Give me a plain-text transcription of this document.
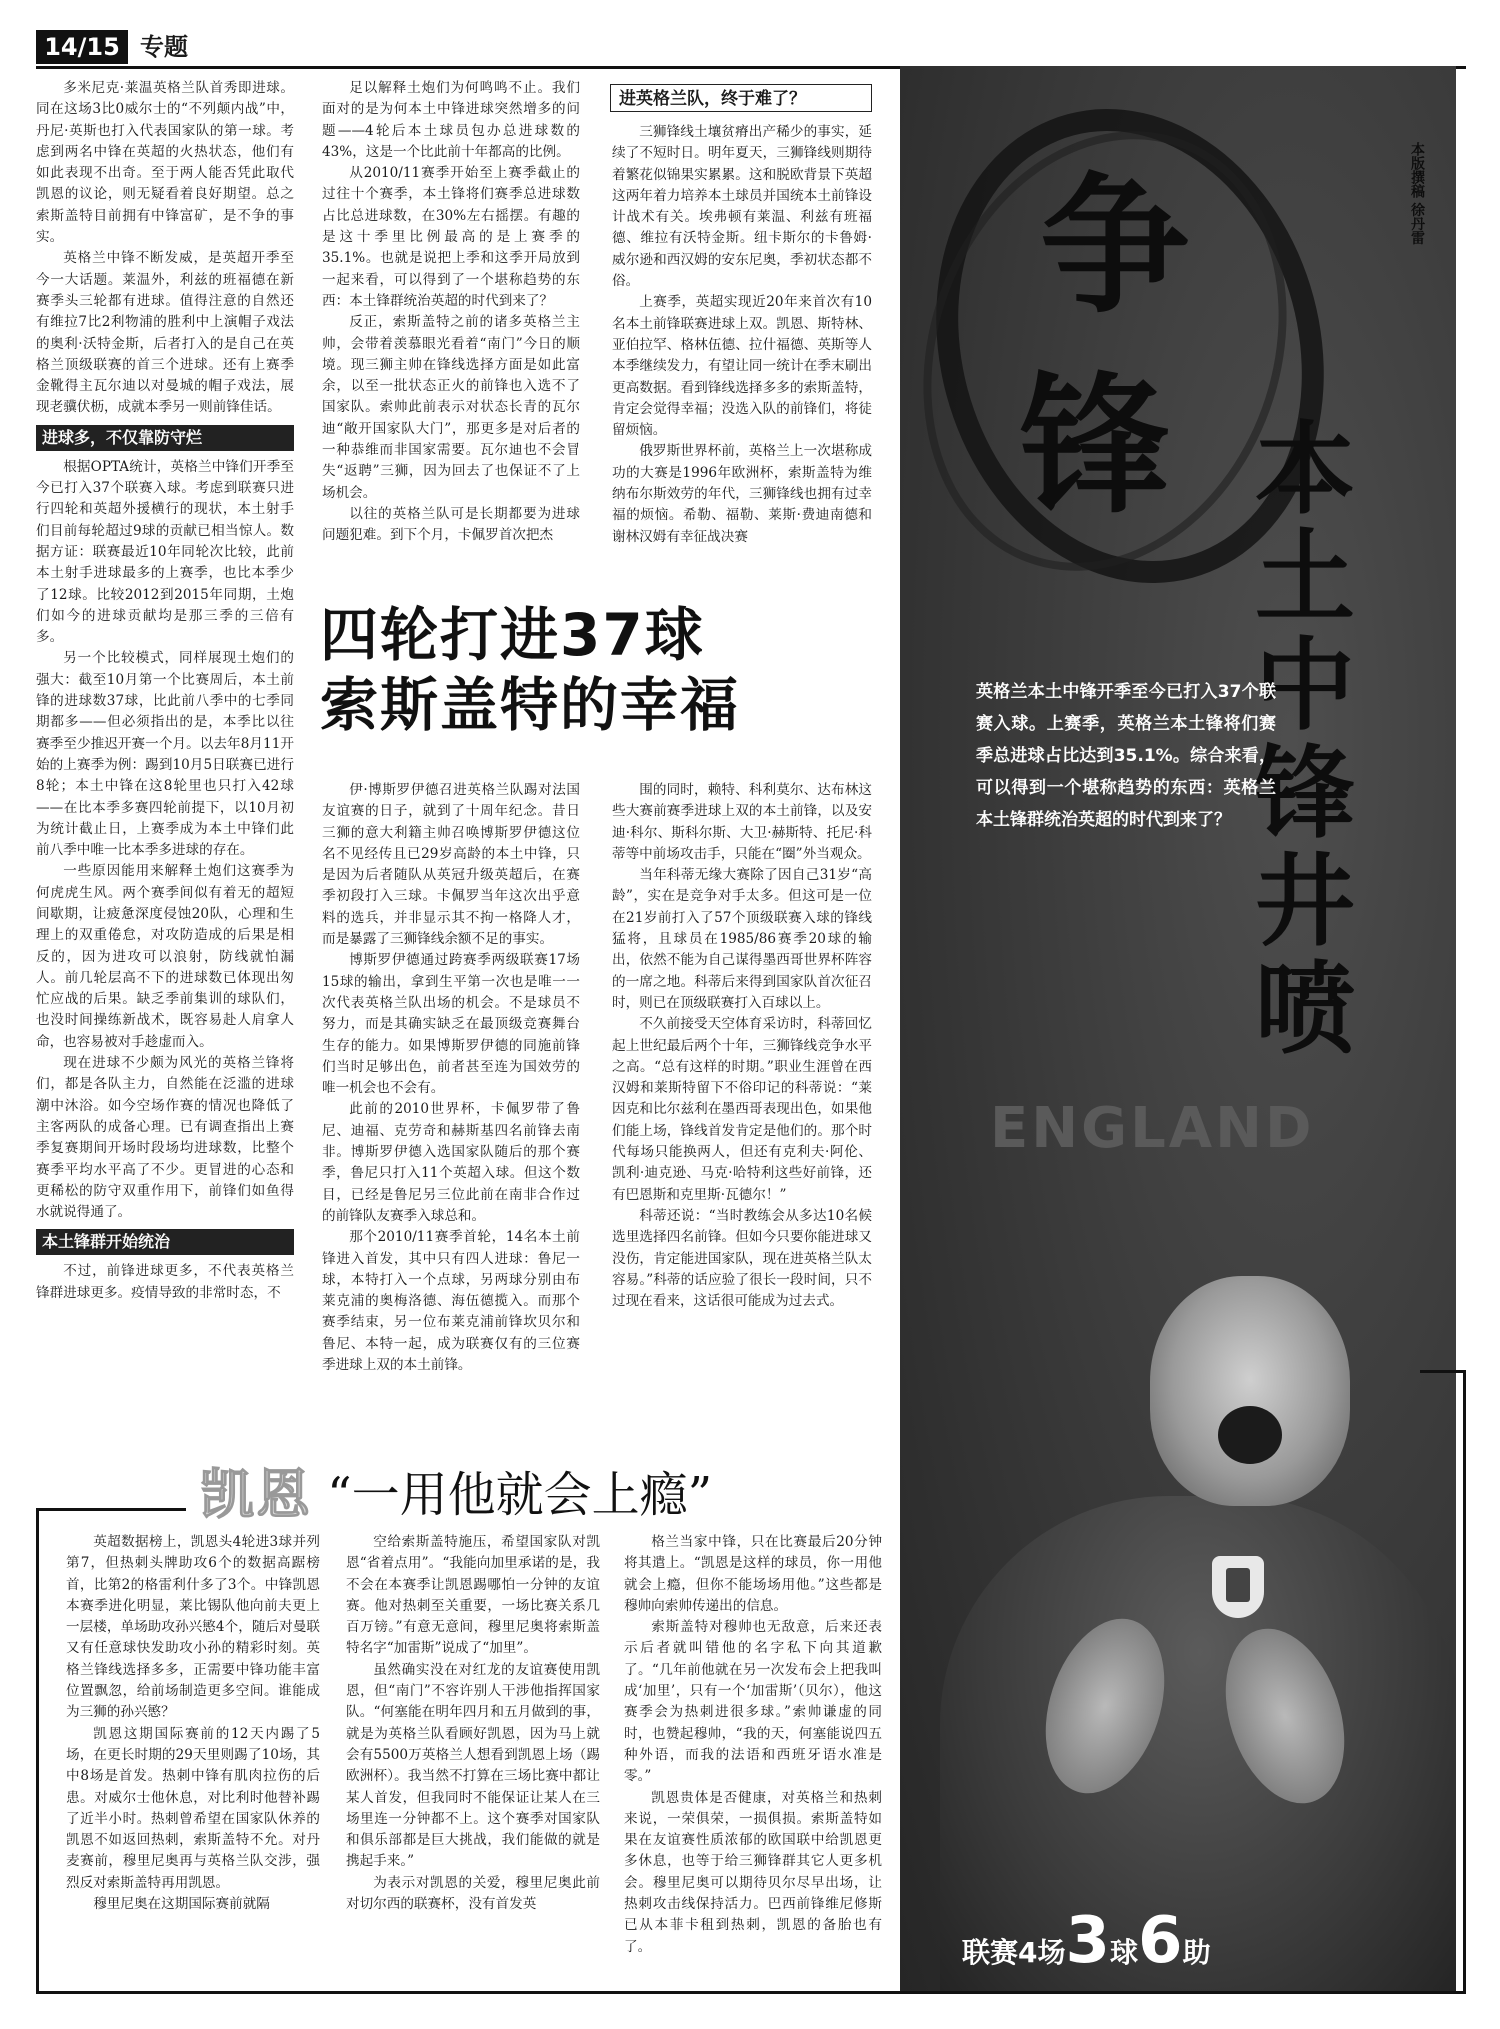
14/15 专题

多米尼克·莱温英格兰队首秀即进球。同在这场3比0威尔士的“不列颠内战”中，丹尼·英斯也打入代表国家队的第一球。考虑到两名中锋在英超的火热状态，他们有如此表现不出奇。至于两人能否凭此取代凯恩的议论，则无疑看着良好期望。总之索斯盖特目前拥有中锋富矿，是不争的事实。

英格兰中锋不断发威，是英超开季至今一大话题。莱温外，利兹的班福德在新赛季头三轮都有进球。值得注意的自然还有维拉7比2利物浦的胜利中上演帽子戏法的奥利·沃特金斯，后者打入的是自己在英格兰顶级联赛的首三个进球。还有上赛季金靴得主瓦尔迪以对曼城的帽子戏法，展现老骥伏枥，成就本季另一则前锋佳话。

进球多，不仅靠防守烂

根据OPTA统计，英格兰中锋们开季至今已打入37个联赛入球。考虑到联赛只进行四轮和英超外援横行的现状，本土射手们目前每轮超过9球的贡献已相当惊人。数据方证：联赛最近10年同轮次比较，此前本土射手进球最多的上赛季，也比本季少了12球。比较2012到2015年同期，土炮们如今的进球贡献均是那三季的三倍有多。

另一个比较模式，同样展现土炮们的强大：截至10月第一个比赛周后，本土前锋的进球数37球，比此前八季中的七季同期都多——但必须指出的是，本季比以往赛季至少推迟开赛一个月。以去年8月11开始的上赛季为例：踢到10月5日联赛已进行8轮；本土中锋在这8轮里也只打入42球——在比本季多赛四轮前提下，以10月初为统计截止日，上赛季成为本土中锋们此前八季中唯一比本季多进球的存在。

一些原因能用来解释土炮们这赛季为何虎虎生风。两个赛季间似有着无的超短间歇期，让疲惫深度侵蚀20队，心理和生理上的双重倦怠，对攻防造成的后果是相反的，因为进攻可以浪射，防线就怕漏人。前几轮层高不下的进球数已体现出匆忙应战的后果。缺乏季前集训的球队们，也没时间操练新战术，既容易赴人肩拿人命，也容易被对手趁虚而入。

现在进球不少颇为风光的英格兰锋将们，都是各队主力，自然能在泛滥的进球潮中沐浴。如今空场作赛的情况也降低了主客两队的成备心理。已有调查指出上赛季复赛期间开场时段场均进球数，比整个赛季平均水平高了不少。更冒进的心态和更稀松的防守双重作用下，前锋们如鱼得水就说得通了。

本土锋群开始统治

不过，前锋进球更多，不代表英格兰锋群进球更多。疫情导致的非常时态，不

足以解释土炮们为何鸣鸣不止。我们面对的是为何本土中锋进球突然增多的问题——4轮后本土球员包办总进球数的43%，这是一个比此前十年都高的比例。

从2010/11赛季开始至上赛季截止的过往十个赛季，本土锋将们赛季总进球数占比总进球数，在30%左右摇摆。有趣的是这十季里比例最高的是上赛季的35.1%。也就是说把上季和这季开局放到一起来看，可以得到了一个堪称趋势的东西：本土锋群统治英超的时代到来了？

反正，索斯盖特之前的诸多英格兰主帅，会带着羡慕眼光看着“南门”今日的顺境。现三狮主帅在锋线选择方面是如此富余，以至一批状态正火的前锋也入选不了国家队。索帅此前表示对状态长青的瓦尔迪“敞开国家队大门”，那更多是对后者的一种恭维而非国家需要。瓦尔迪也不会冒失“返聘”三狮，因为回去了也保证不了上场机会。

以往的英格兰队可是长期都要为进球问题犯难。到下个月，卡佩罗首次把杰

进英格兰队，终于难了？

三狮锋线土壤贫瘠出产稀少的事实，延续了不短时日。明年夏天，三狮锋线则期待着繁花似锦果实累累。这和脱欧背景下英超这两年着力培养本土球员并国统本土前锋设计战术有关。埃弗顿有莱温、利兹有班福德、维拉有沃特金斯。纽卡斯尔的卡鲁姆·威尔逊和西汉姆的安东尼奥，季初状态都不俗。

上赛季，英超实现近20年来首次有10名本土前锋联赛进球上双。凯恩、斯特林、亚伯拉罕、格林伍德、拉什福德、英斯等人本季继续发力，有望让同一统计在季末刷出更高数据。看到锋线选择多多的索斯盖特，肯定会觉得幸福；没选入队的前锋们，将徒留烦恼。

俄罗斯世界杯前，英格兰上一次堪称成功的大赛是1996年欧洲杯，索斯盖特为维纳布尔斯效劳的年代，三狮锋线也拥有过幸福的烦恼。希勒、福勒、莱斯·费迪南德和谢林汉姆有幸征战决赛

四轮打进37球
索斯盖特的幸福

伊·博斯罗伊德召进英格兰队踢对法国友谊赛的日子，就到了十周年纪念。昔日三狮的意大利籍主帅召唤博斯罗伊德这位名不见经传且已29岁高龄的本土中锋，只是因为后者随队从英冠升级英超后，在赛季初段打入三球。卡佩罗当年这次出乎意料的选兵，并非显示其不拘一格降人才，而是暴露了三狮锋线余额不足的事实。

博斯罗伊德通过跨赛季两级联赛17场15球的输出，拿到生平第一次也是唯一一次代表英格兰队出场的机会。不是球员不努力，而是其确实缺乏在最顶级竞赛舞台生存的能力。如果博斯罗伊德的同施前锋们当时足够出色，前者甚至连为国效劳的唯一机会也不会有。

此前的2010世界杯，卡佩罗带了鲁尼、迪福、克劳奇和赫斯基四名前锋去南非。博斯罗伊德入选国家队随后的那个赛季，鲁尼只打入11个英超入球。但这个数目，已经是鲁尼另三位此前在南非合作过的前锋队友赛季入球总和。

那个2010/11赛季首轮，14名本土前锋进入首发，其中只有四人进球：鲁尼一球，本特打入一个点球，另两球分别由布莱克浦的奥梅洛德、海伍德揽入。而那个赛季结束，另一位布莱克浦前锋坎贝尔和鲁尼、本特一起，成为联赛仅有的三位赛季进球上双的本土前锋。

围的同时，赖特、科利莫尔、达布林这些大赛前赛季进球上双的本土前锋，以及安迪·科尔、斯科尔斯、大卫·赫斯特、托尼·科蒂等中前场攻击手，只能在“圈”外当观众。

当年科蒂无缘大赛除了因自己31岁“高龄”，实在是竞争对手太多。但这可是一位在21岁前打入了57个顶级联赛入球的锋线猛将，且球员在1985/86赛季20球的输出，依然不能为自己谋得墨西哥世界杯阵容的一席之地。科蒂后来得到国家队首次征召时，则已在顶级联赛打入百球以上。

不久前接受天空体育采访时，科蒂回忆起上世纪最后两个十年，三狮锋线竞争水平之高。“总有这样的时期。”职业生涯曾在西汉姆和莱斯特留下不俗印记的科蒂说：“莱因克和比尔兹利在墨西哥表现出色，如果他们能上场，锋线首发肯定是他们的。那个时代每场只能换两人，但还有克利夫·阿伦、凯利·迪克逊、马克·哈特利这些好前锋，还有巴恩斯和克里斯·瓦德尔！”

科蒂还说：“当时教练会从多达10名候选里选择四名前锋。但如今只要你能进球又没伤，肯定能进国家队，现在进英格兰队太容易。”科蒂的话应验了很长一段时间，只不过现在看来，这话很可能成为过去式。

争
锋
本版撰稿 徐丹雷
本土中锋井喷
英格兰本土中锋开季至今已打入37个联赛入球。上赛季，英格兰本土锋将们赛季总进球占比达到35.1%。综合来看，可以得到一个堪称趋势的东西：英格兰本土锋群统治英超的时代到来了？
ENGLAND
联赛4场3球6助
凯恩 “一用他就会上瘾”

英超数据榜上，凯恩头4轮进3球并列第7，但热刺头牌助攻6个的数据高踞榜首，比第2的格雷利什多了3个。中锋凯恩本赛季进化明显，莱比锡队他向前夫更上一层楼，单场助攻孙兴慜4个，随后对曼联又有任意球快发助攻小孙的精彩时刻。英格兰锋线选择多多，正需要中锋功能丰富位置飘忽，给前场制造更多空间。谁能成为三狮的孙兴慜？

凯恩这期国际赛前的12天内踢了5场，在更长时期的29天里则踢了10场，其中8场是首发。热刺中锋有肌肉拉伤的后患。对威尔士他休息，对比利时他替补踢了近半小时。热刺曾希望在国家队休养的凯恩不如返回热刺，索斯盖特不允。对丹麦赛前，穆里尼奥再与英格兰队交涉，强烈反对索斯盖特再用凯恩。

穆里尼奥在这期国际赛前就隔

空给索斯盖特施压，希望国家队对凯恩“省着点用”。“我能向加里承诺的是，我不会在本赛季让凯恩踢哪怕一分钟的友谊赛。他对热刺至关重要，一场比赛关系几百万镑。”有意无意间，穆里尼奥将索斯盖特名字“加雷斯”说成了“加里”。

虽然确实没在对红龙的友谊赛使用凯恩，但“南门”不容许别人干涉他指挥国家队。“何塞能在明年四月和五月做到的事，就是为英格兰队看顾好凯恩，因为马上就会有5500万英格兰人想看到凯恩上场（踢欧洲杯）。我当然不打算在三场比赛中都让某人首发，但我同时不能保证让某人在三场里连一分钟都不上。这个赛季对国家队和俱乐部都是巨大挑战，我们能做的就是携起手来。”

为表示对凯恩的关爱，穆里尼奥此前对切尔西的联赛杯，没有首发英

格兰当家中锋，只在比赛最后20分钟将其遣上。“凯恩是这样的球员，你一用他就会上瘾，但你不能场场用他。”这些都是穆帅向索帅传递出的信息。

索斯盖特对穆帅也无敌意，后来还表示后者就叫错他的名字私下向其道歉了。“几年前他就在另一次发布会上把我叫成‘加里’，只有一个‘加雷斯’（贝尔），他这赛季会为热刺进很多球。”索帅谦虚的同时，也赞起穆帅，“我的天，何塞能说四五种外语，而我的法语和西班牙语水准是零。”

凯恩贵体是否健康，对英格兰和热刺来说，一荣俱荣，一损俱损。索斯盖特如果在友谊赛性质浓郁的欧国联中给凯恩更多休息，也等于给三狮锋群其它人更多机会。穆里尼奥可以期待贝尔尽早出场，让热刺攻击线保持活力。巴西前锋维尼修斯已从本菲卡租到热刺，凯恩的备胎也有了。
